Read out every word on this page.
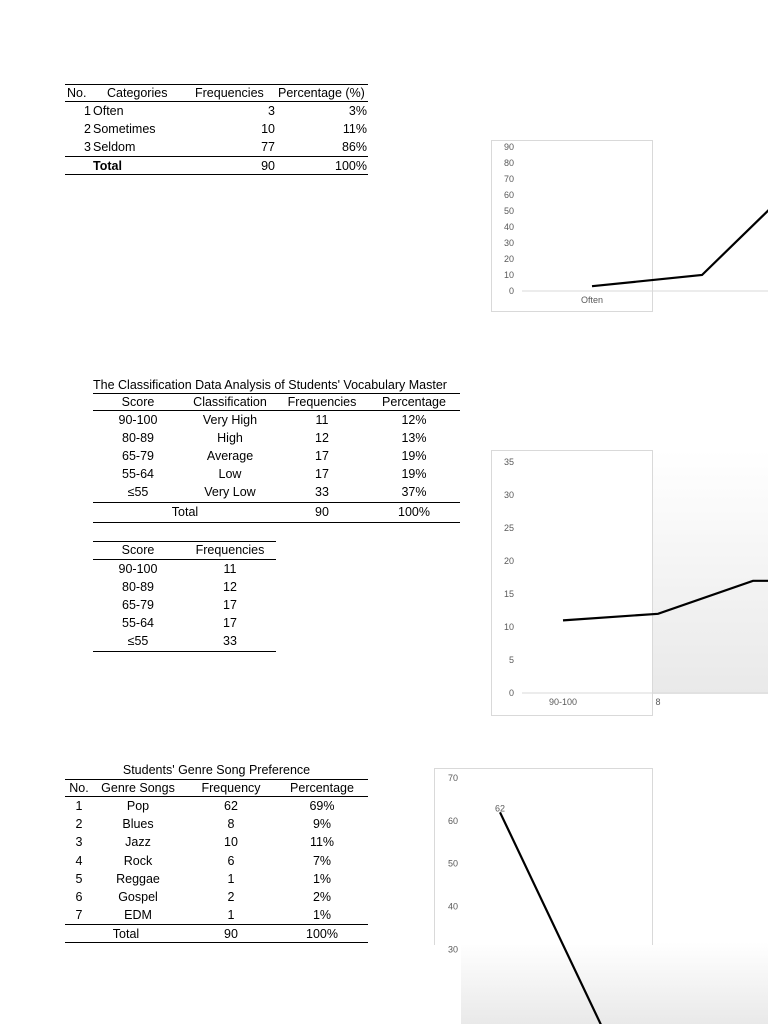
No. Categories Frequencies Percentage (%)
1 Often	3	3%
2 Sometimes	10	11%
3 Seldom	77	86%
Total	90	100%
0
10
20
30
40
50
60
70
80
90
Often
The Classification Data Analysis of Students' Vocabulary Master
Score	Classification	Frequencies	Percentage
90-100	Very High	11	12%
80-89	High	12	13%
65-79	Average	17	19%
55-64	Low	17	19%
≤55	Very Low	33	37%
Total	90	100%
Score	Frequencies
90-100	11
80-89	12
65-79	17
55-64	17
≤55	33
0
5
10
15
20
25
30
35
90-100	8
Students' Genre Song Preference
No. Genre Songs	Frequency	Percentage
1	Pop	62	69%
2	Blues	8	9%
3	Jazz	10	11%
4	Rock	6	7%
5	Reggae	1	1%
6	Gospel	2	2%
7	EDM	1	1%
Total	90	100%
30
40
50
60
70
62
